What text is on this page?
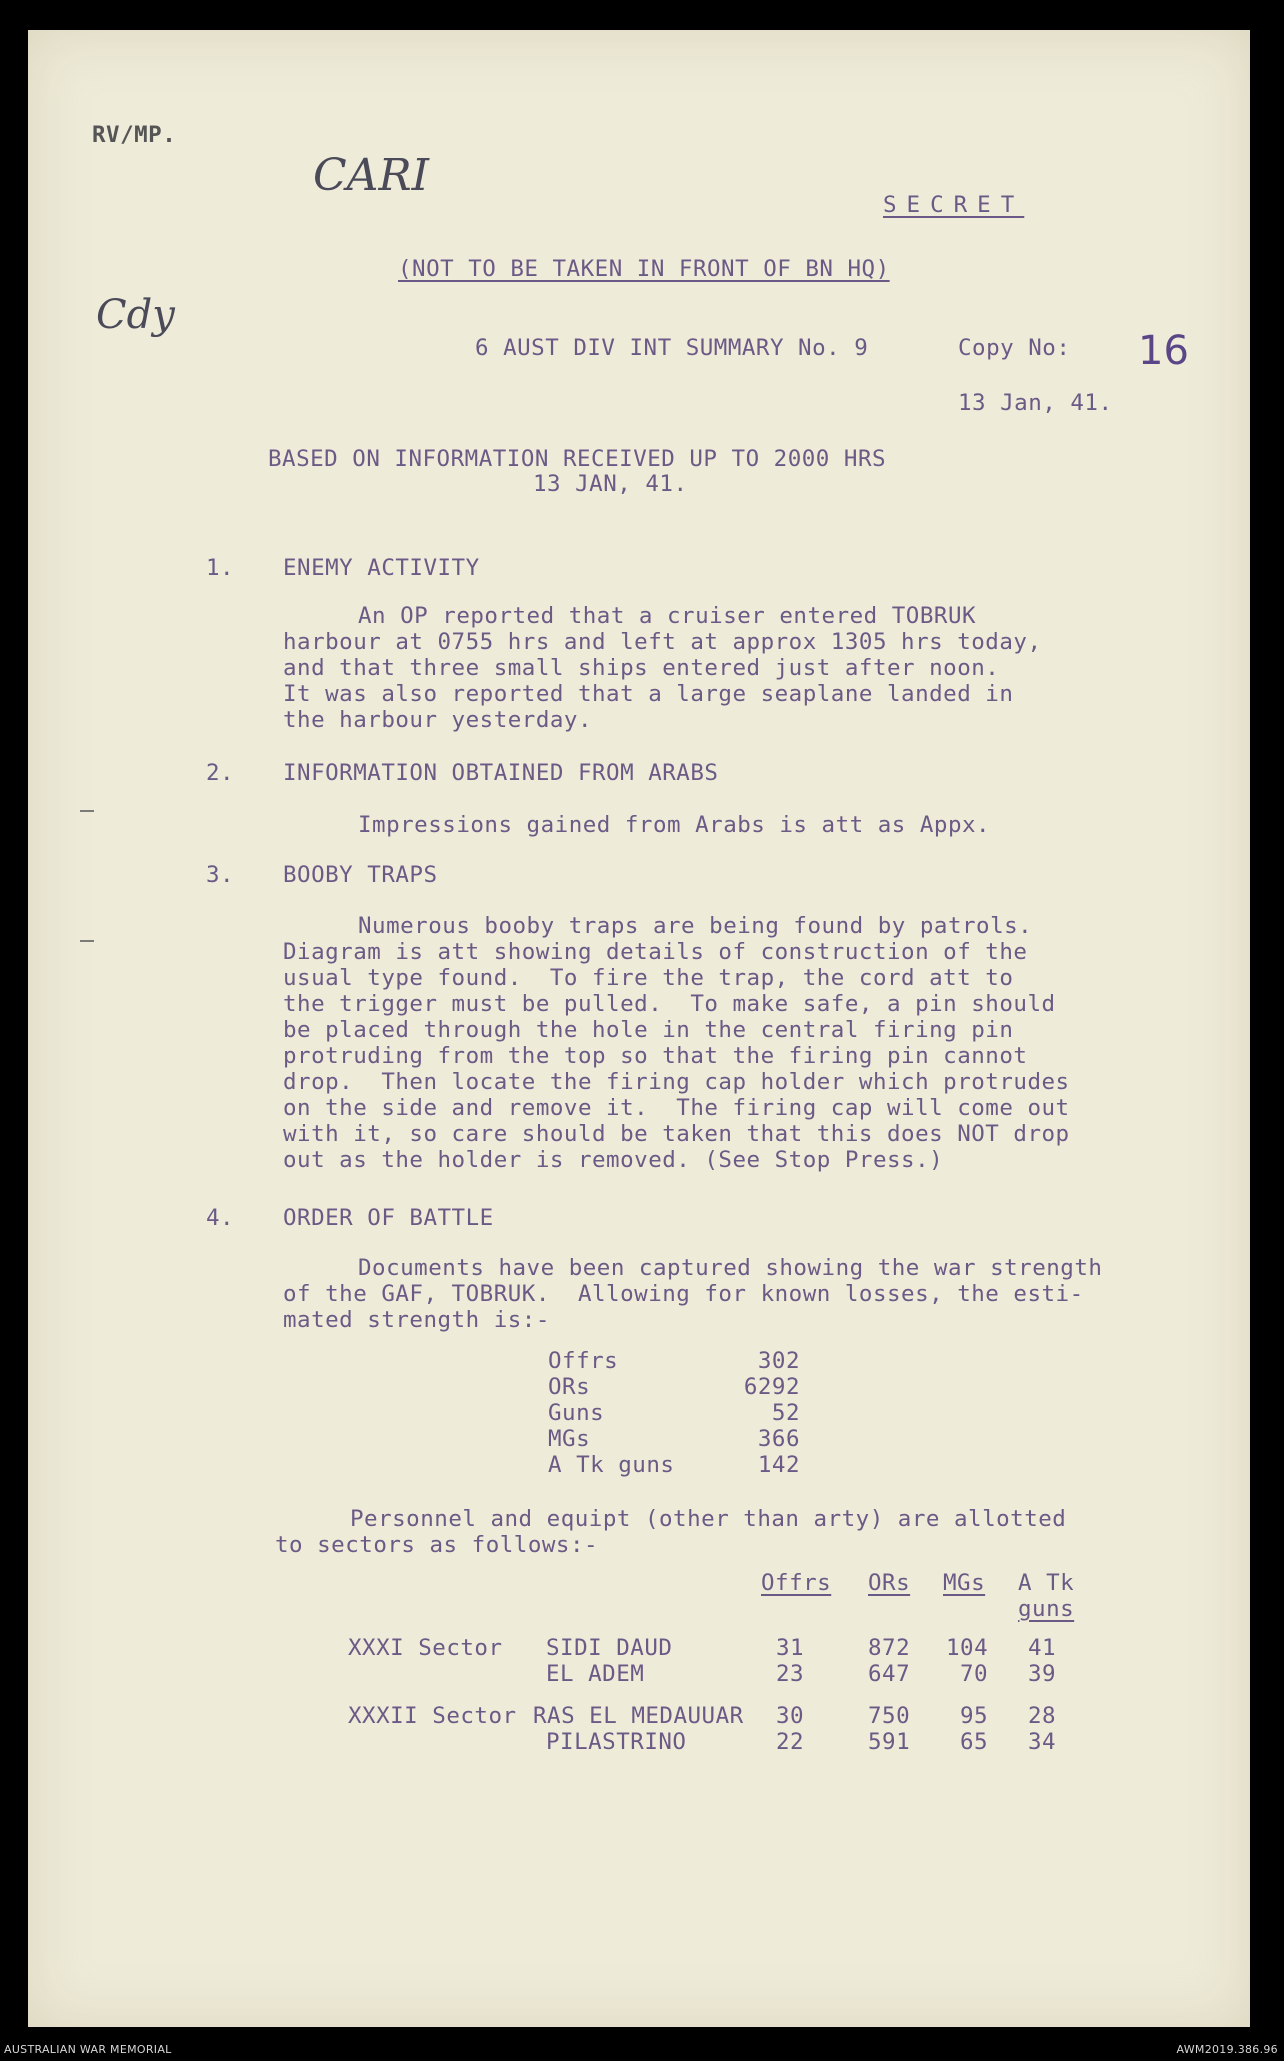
RV/MP.
CARI
Cdy
SECRET
(NOT TO BE TAKEN IN FRONT OF BN HQ)
6 AUST DIV INT SUMMARY No. 9	Copy No: 16
13 Jan, 41.
BASED ON INFORMATION RECEIVED UP TO 2000 HRS
13 JAN, 41.
1. ENEMY ACTIVITY
An OP reported that a cruiser entered TOBRUK
harbour at 0755 hrs and left at approx 1305 hrs today,
and that three small ships entered just after noon.
It was also reported that a large seaplane landed in
the harbour yesterday.
2. INFORMATION OBTAINED FROM ARABS
Impressions gained from Arabs is att as Appx.
3. BOOBY TRAPS
Numerous booby traps are being found by patrols.
Diagram is att showing details of construction of the
usual type found.  To fire the trap, the cord att to
the trigger must be pulled.  To make safe, a pin should
be placed through the hole in the central firing pin
protruding from the top so that the firing pin cannot
drop.  Then locate the firing cap holder which protrudes
on the side and remove it.  The firing cap will come out
with it, so care should be taken that this does NOT drop
out as the holder is removed. (See Stop Press.)
4. ORDER OF BATTLE
Documents have been captured showing the war strength
of the GAF, TOBRUK.  Allowing for known losses, the esti-
mated strength is:-
Offrs	302
ORs	6292
Guns	52
MGs	366
A Tk guns	142
Personnel and equipt (other than arty) are allotted
to sectors as follows:-
Offrs ORs MGs A Tk
guns
XXXI Sector SIDI DAUD	31	872 104 41
EL ADEM	23	647 70 39
XXXII Sector RAS EL MEDAUUAR 30	750 95 28
PILASTRINO	22	591 65 34
AUSTRALIAN WAR MEMORIAL	AWM2019.386.96
